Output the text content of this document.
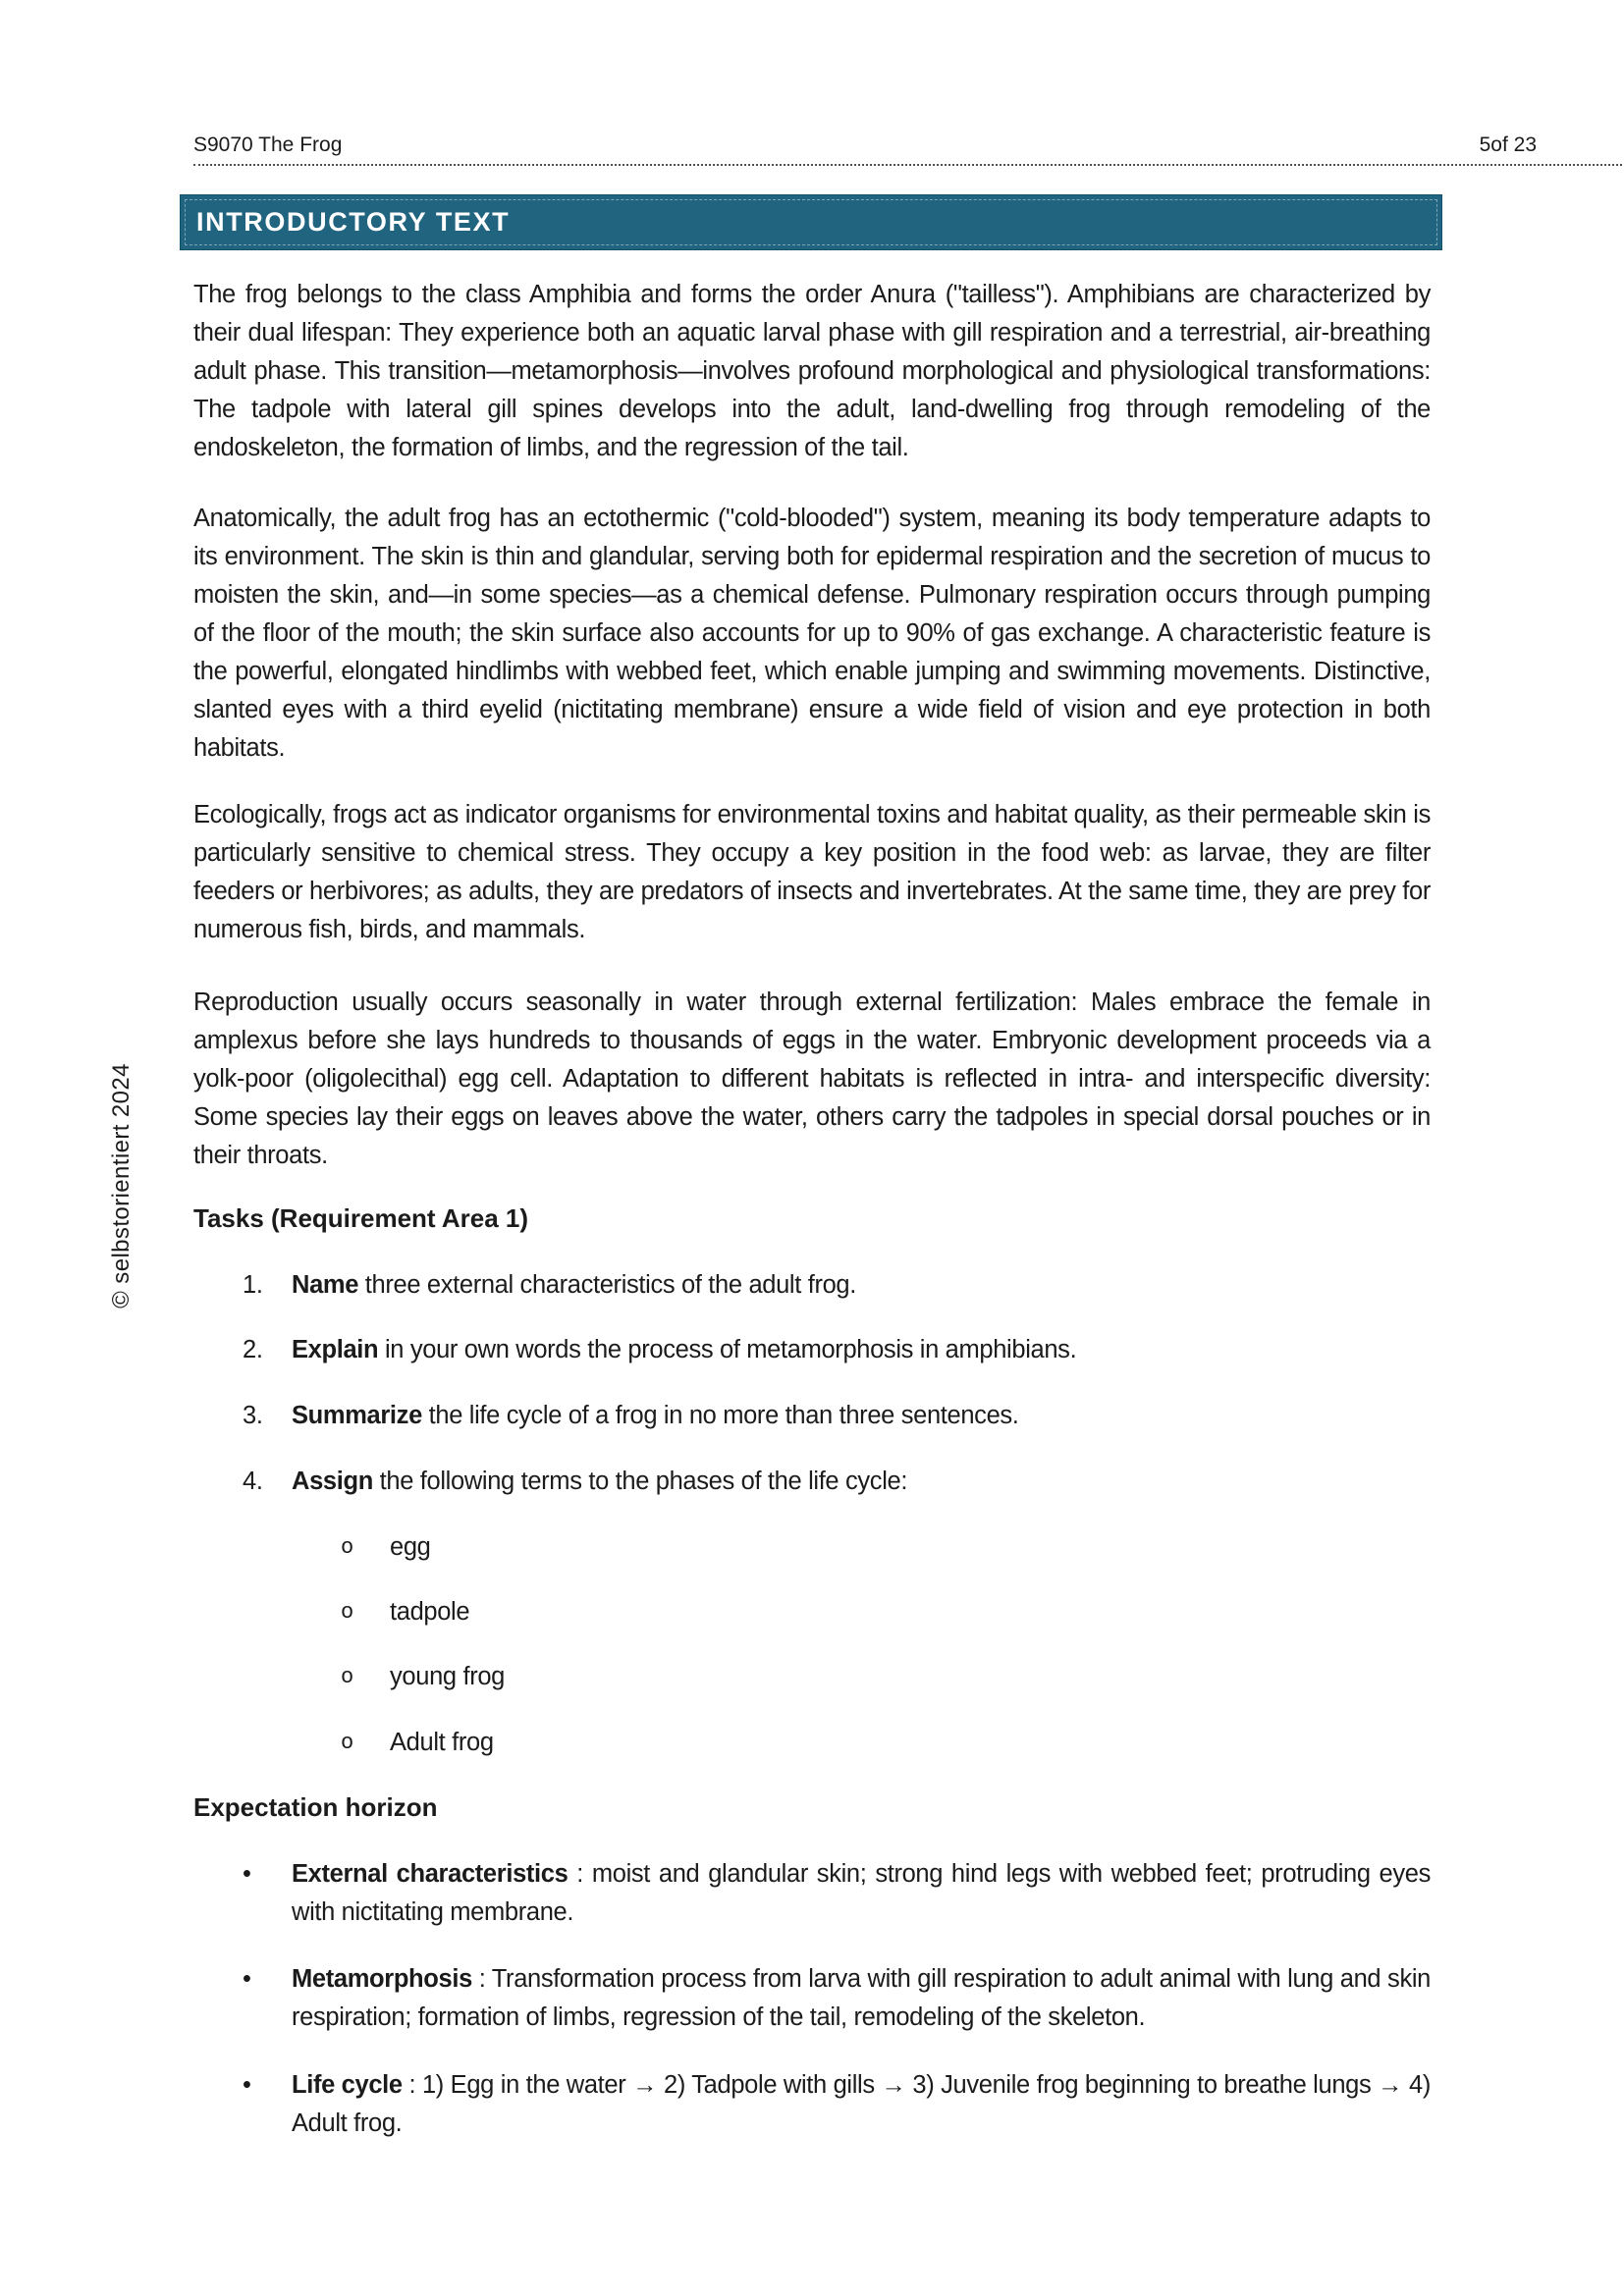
S9070 The Frog	5of 23
INTRODUCTORY TEXT

The frog belongs to the class Amphibia and forms the order Anura ("tailless"). Amphibians are characterized by their dual lifespan: They experience both an aquatic larval phase with gill respiration and a terrestrial, air-breathing adult phase. This transition—metamorphosis—involves profound morphological and physiological transformations: The tadpole with lateral gill spines develops into the adult, land-dwelling frog through remodeling of the endoskeleton, the formation of limbs, and the regression of the tail.

Anatomically, the adult frog has an ectothermic ("cold-blooded") system, meaning its body temperature adapts to its environment. The skin is thin and glandular, serving both for epidermal respiration and the secretion of mucus to moisten the skin, and—in some species—as a chemical defense. Pulmonary respiration occurs through pumping of the floor of the mouth; the skin surface also accounts for up to 90% of gas exchange. A characteristic feature is the powerful, elongated hindlimbs with webbed feet, which enable jumping and swimming movements. Distinctive, slanted eyes with a third eyelid (nictitating membrane) ensure a wide field of vision and eye protection in both habitats.

Ecologically, frogs act as indicator organisms for environmental toxins and habitat quality, as their permeable skin is particularly sensitive to chemical stress. They occupy a key position in the food web: as larvae, they are filter feeders or herbivores; as adults, they are predators of insects and invertebrates. At the same time, they are prey for numerous fish, birds, and mammals.

Reproduction usually occurs seasonally in water through external fertilization: Males embrace the female in amplexus before she lays hundreds to thousands of eggs in the water. Embryonic development proceeds via a yolk-poor (oligolecithal) egg cell. Adaptation to different habitats is reflected in intra- and interspecific diversity: Some species lay their eggs on leaves above the water, others carry the tadpoles in special dorsal pouches or in their throats.

Tasks (Requirement Area 1)

1.	Name three external characteristics of the adult frog.
2.	Explain in your own words the process of metamorphosis in amphibians.
3.	Summarize the life cycle of a frog in no more than three sentences.
4.	Assign the following terms to the phases of the life cycle:
o	egg
o	tadpole
o	young frog
o	Adult frog

Expectation horizon

•	External characteristics : moist and glandular skin; strong hind legs with webbed feet; protruding eyes with nictitating membrane.
•	Metamorphosis : Transformation process from larva with gill respiration to adult animal with lung and skin respiration; formation of limbs, regression of the tail, remodeling of the skeleton.
•	Life cycle : 1) Egg in the water → 2) Tadpole with gills → 3) Juvenile frog beginning to breathe lungs → 4) Adult frog.
© selbstorientiert 2024
